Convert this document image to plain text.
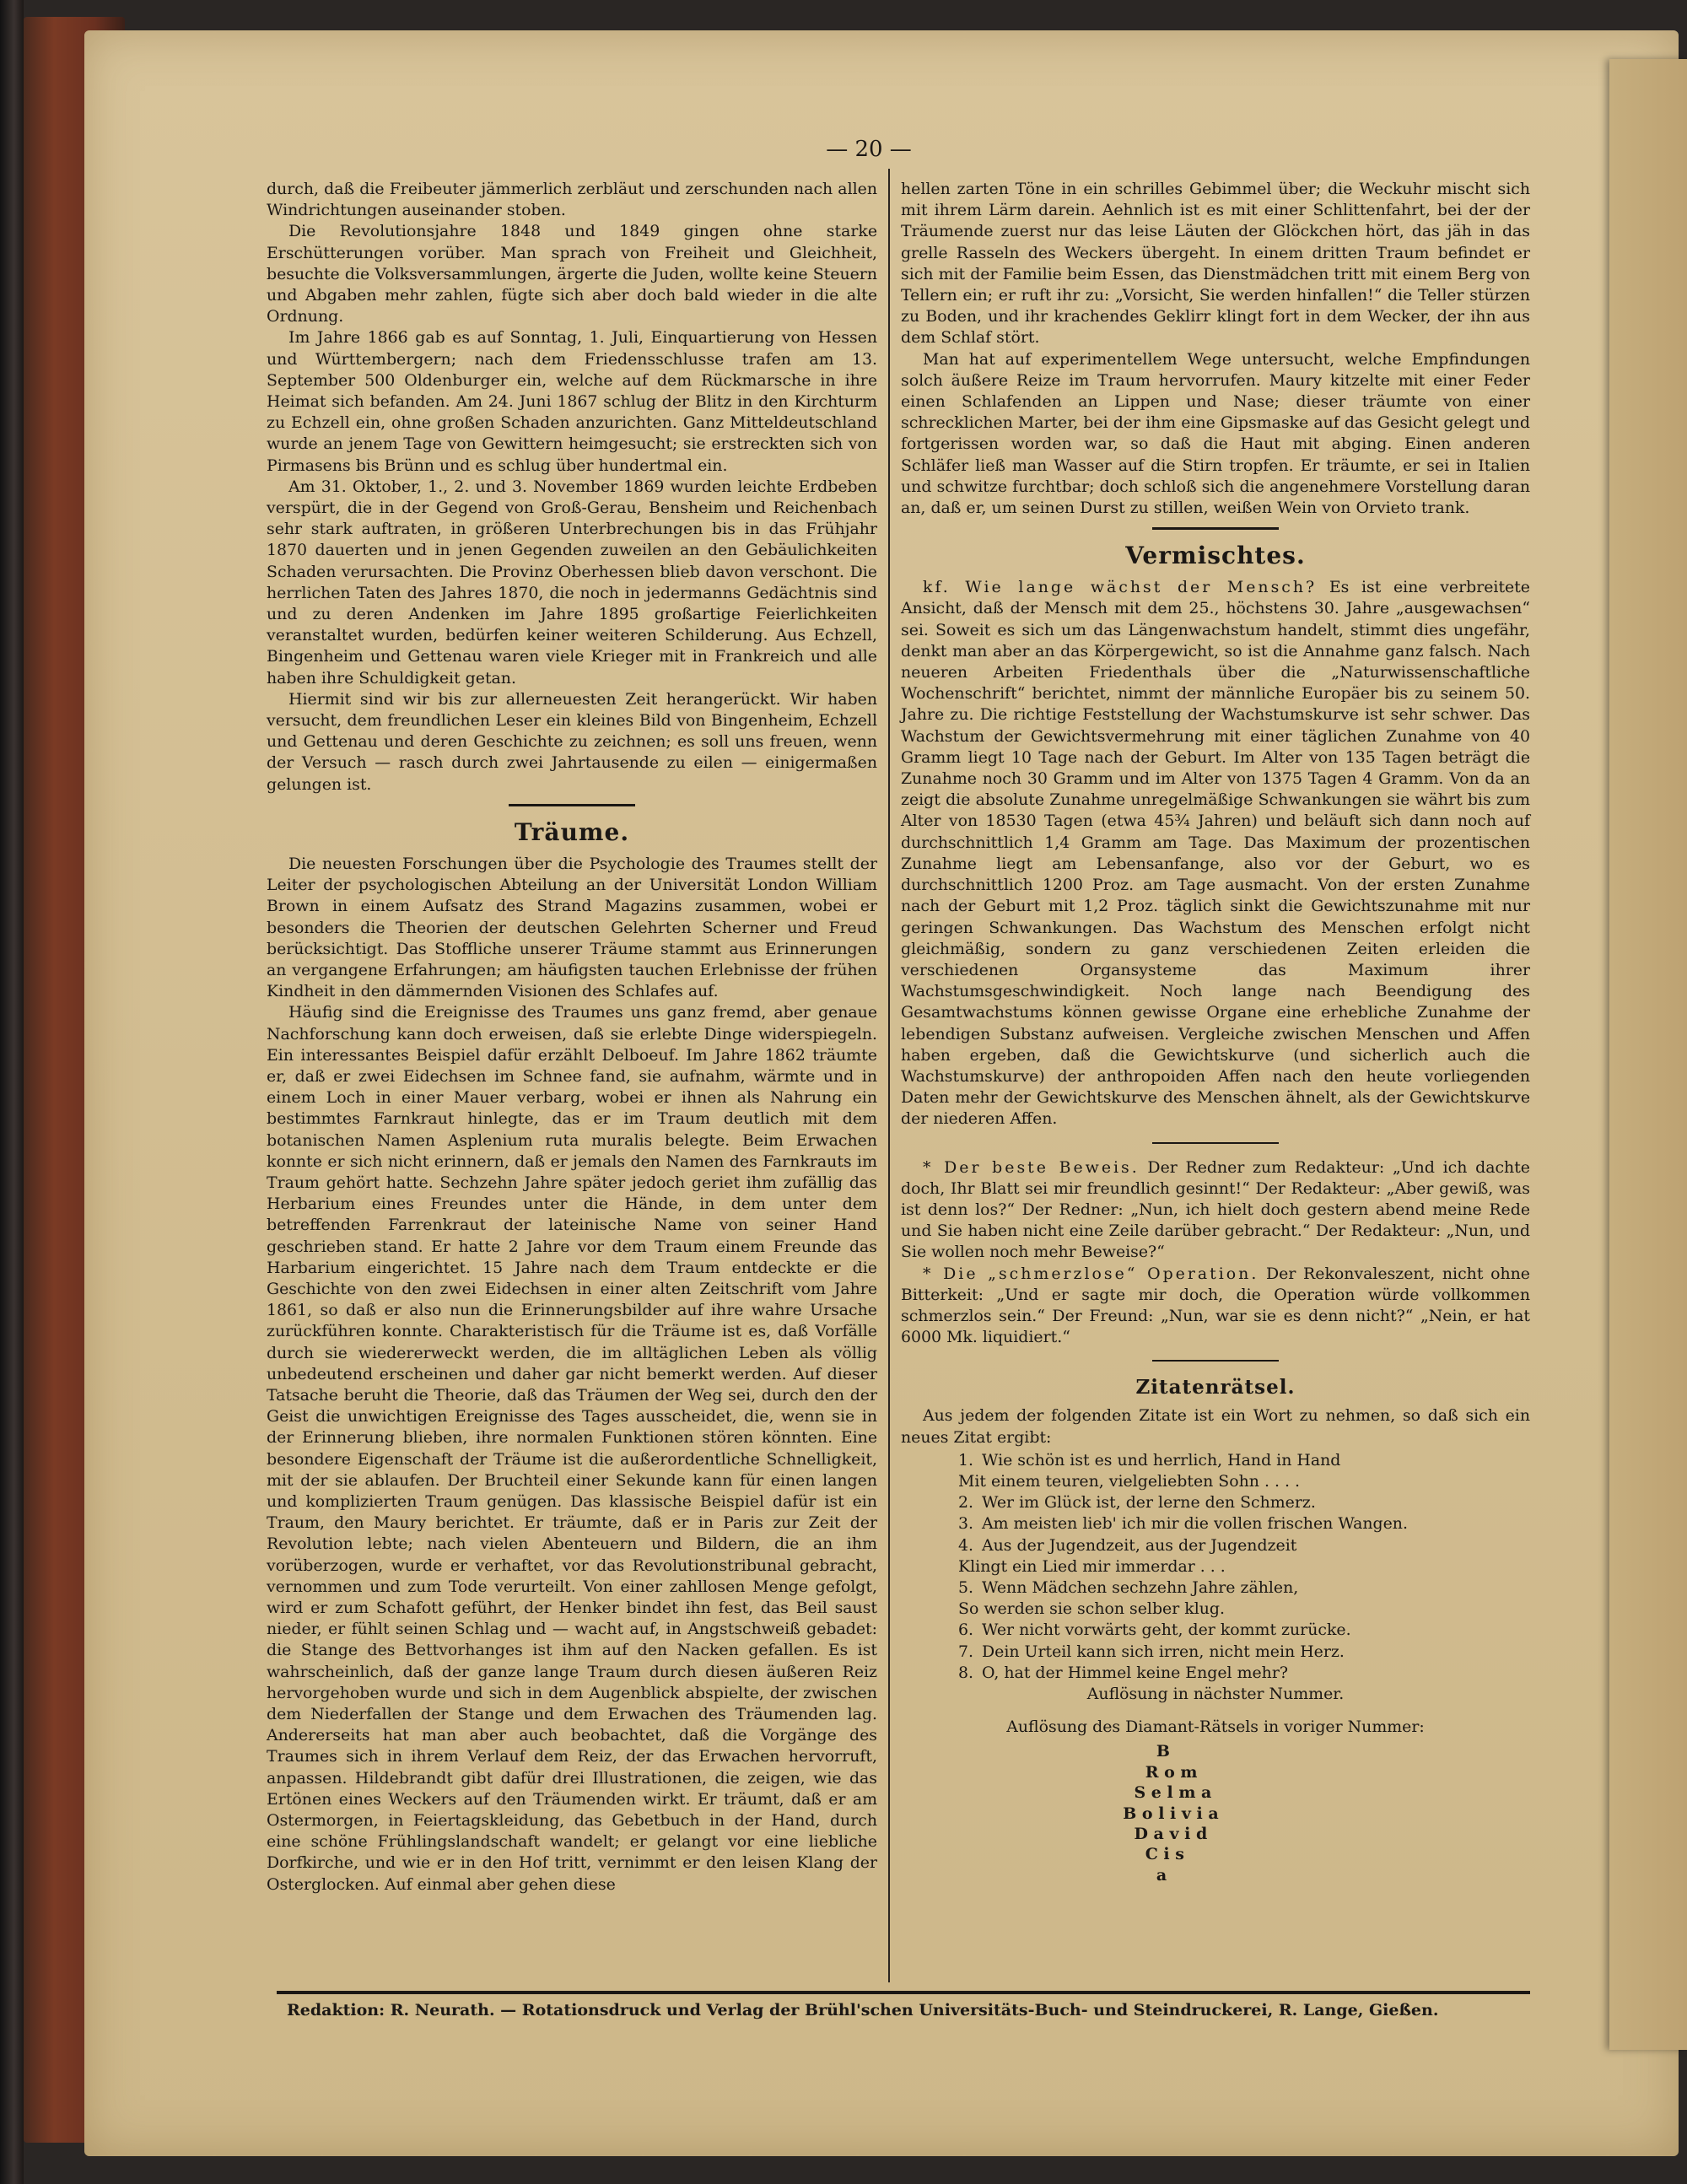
— 20 —

durch, daß die Freibeuter jämmerlich zerbläut und zerschunden nach allen Windrichtungen auseinander stoben.

Die Revolutionsjahre 1848 und 1849 gingen ohne starke Erschütterungen vorüber. Man sprach von Freiheit und Gleichheit, besuchte die Volksversammlungen, ärgerte die Juden, wollte keine Steuern und Abgaben mehr zahlen, fügte sich aber doch bald wieder in die alte Ordnung.

Im Jahre 1866 gab es auf Sonntag, 1. Juli, Einquartierung von Hessen und Württembergern; nach dem Friedensschlusse trafen am 13. September 500 Oldenburger ein, welche auf dem Rückmarsche in ihre Heimat sich befanden. Am 24. Juni 1867 schlug der Blitz in den Kirchturm zu Echzell ein, ohne großen Schaden anzurichten. Ganz Mitteldeutschland wurde an jenem Tage von Gewittern heimgesucht; sie erstreckten sich von Pirmasens bis Brünn und es schlug über hundertmal ein.

Am 31. Oktober, 1., 2. und 3. November 1869 wurden leichte Erdbeben verspürt, die in der Gegend von Groß-Gerau, Bensheim und Reichenbach sehr stark auftraten, in größeren Unterbrechungen bis in das Frühjahr 1870 dauerten und in jenen Gegenden zuweilen an den Gebäulichkeiten Schaden verursachten. Die Provinz Oberhessen blieb davon verschont. Die herrlichen Taten des Jahres 1870, die noch in jedermanns Gedächtnis sind und zu deren Andenken im Jahre 1895 großartige Feierlichkeiten veranstaltet wurden, bedürfen keiner weiteren Schilderung. Aus Echzell, Bingenheim und Gettenau waren viele Krieger mit in Frankreich und alle haben ihre Schuldigkeit getan.

Hiermit sind wir bis zur allerneuesten Zeit herangerückt. Wir haben versucht, dem freundlichen Leser ein kleines Bild von Bingenheim, Echzell und Gettenau und deren Geschichte zu zeichnen; es soll uns freuen, wenn der Versuch — rasch durch zwei Jahrtausende zu eilen — einigermaßen gelungen ist.

Träume.

Die neuesten Forschungen über die Psychologie des Traumes stellt der Leiter der psychologischen Abteilung an der Universität London William Brown in einem Aufsatz des Strand Magazins zusammen, wobei er besonders die Theorien der deutschen Gelehrten Scherner und Freud berücksichtigt. Das Stoffliche unserer Träume stammt aus Erinnerungen an vergangene Erfahrungen; am häufigsten tauchen Erlebnisse der frühen Kindheit in den dämmernden Visionen des Schlafes auf.

Häufig sind die Ereignisse des Traumes uns ganz fremd, aber genaue Nachforschung kann doch erweisen, daß sie erlebte Dinge widerspiegeln. Ein interessantes Beispiel dafür erzählt Delboeuf. Im Jahre 1862 träumte er, daß er zwei Eidechsen im Schnee fand, sie aufnahm, wärmte und in einem Loch in einer Mauer verbarg, wobei er ihnen als Nahrung ein bestimmtes Farnkraut hinlegte, das er im Traum deutlich mit dem botanischen Namen Asplenium ruta muralis belegte. Beim Erwachen konnte er sich nicht erinnern, daß er jemals den Namen des Farnkrauts im Traum gehört hatte. Sechzehn Jahre später jedoch geriet ihm zufällig das Herbarium eines Freundes unter die Hände, in dem unter dem betreffenden Farrenkraut der lateinische Name von seiner Hand geschrieben stand. Er hatte 2 Jahre vor dem Traum einem Freunde das Harbarium eingerichtet. 15 Jahre nach dem Traum entdeckte er die Geschichte von den zwei Eidechsen in einer alten Zeitschrift vom Jahre 1861, so daß er also nun die Erinnerungsbilder auf ihre wahre Ursache zurückführen konnte. Charakteristisch für die Träume ist es, daß Vorfälle durch sie wiedererweckt werden, die im alltäglichen Leben als völlig unbedeutend erscheinen und daher gar nicht bemerkt werden. Auf dieser Tatsache beruht die Theorie, daß das Träumen der Weg sei, durch den der Geist die unwichtigen Ereignisse des Tages ausscheidet, die, wenn sie in der Erinnerung blieben, ihre normalen Funktionen stören könnten. Eine besondere Eigenschaft der Träume ist die außerordentliche Schnelligkeit, mit der sie ablaufen. Der Bruchteil einer Sekunde kann für einen langen und komplizierten Traum genügen. Das klassische Beispiel dafür ist ein Traum, den Maury berichtet. Er träumte, daß er in Paris zur Zeit der Revolution lebte; nach vielen Abenteuern und Bildern, die an ihm vorüberzogen, wurde er verhaftet, vor das Revolutionstribunal gebracht, vernommen und zum Tode verurteilt. Von einer zahllosen Menge gefolgt, wird er zum Schafott geführt, der Henker bindet ihn fest, das Beil saust nieder, er fühlt seinen Schlag und — wacht auf, in Angstschweiß gebadet: die Stange des Bettvorhanges ist ihm auf den Nacken gefallen. Es ist wahrscheinlich, daß der ganze lange Traum durch diesen äußeren Reiz hervorgehoben wurde und sich in dem Augenblick abspielte, der zwischen dem Niederfallen der Stange und dem Erwachen des Träumenden lag. Andererseits hat man aber auch beobachtet, daß die Vorgänge des Traumes sich in ihrem Verlauf dem Reiz, der das Erwachen hervorruft, anpassen. Hildebrandt gibt dafür drei Illustrationen, die zeigen, wie das Ertönen eines Weckers auf den Träumenden wirkt. Er träumt, daß er am Ostermorgen, in Feiertagskleidung, das Gebetbuch in der Hand, durch eine schöne Frühlingslandschaft wandelt; er gelangt vor eine liebliche Dorfkirche, und wie er in den Hof tritt, vernimmt er den leisen Klang der Osterglocken. Auf einmal aber gehen diese

hellen zarten Töne in ein schrilles Gebimmel über; die Weckuhr mischt sich mit ihrem Lärm darein. Aehnlich ist es mit einer Schlittenfahrt, bei der der Träumende zuerst nur das leise Läuten der Glöckchen hört, das jäh in das grelle Rasseln des Weckers übergeht. In einem dritten Traum befindet er sich mit der Familie beim Essen, das Dienstmädchen tritt mit einem Berg von Tellern ein; er ruft ihr zu: „Vorsicht, Sie werden hinfallen!“ die Teller stürzen zu Boden, und ihr krachendes Geklirr klingt fort in dem Wecker, der ihn aus dem Schlaf stört.

Man hat auf experimentellem Wege untersucht, welche Empfindungen solch äußere Reize im Traum hervorrufen. Maury kitzelte mit einer Feder einen Schlafenden an Lippen und Nase; dieser träumte von einer schrecklichen Marter, bei der ihm eine Gipsmaske auf das Gesicht gelegt und fortgerissen worden war, so daß die Haut mit abging. Einen anderen Schläfer ließ man Wasser auf die Stirn tropfen. Er träumte, er sei in Italien und schwitze furchtbar; doch schloß sich die angenehmere Vorstellung daran an, daß er, um seinen Durst zu stillen, weißen Wein von Orvieto trank.

Vermischtes.

kf. Wie lange wächst der Mensch? Es ist eine verbreitete Ansicht, daß der Mensch mit dem 25., höchstens 30. Jahre „ausgewachsen“ sei. Soweit es sich um das Längenwachstum handelt, stimmt dies ungefähr, denkt man aber an das Körpergewicht, so ist die Annahme ganz falsch. Nach neueren Arbeiten Friedenthals über die „Naturwissenschaftliche Wochenschrift“ berichtet, nimmt der männliche Europäer bis zu seinem 50. Jahre zu. Die richtige Feststellung der Wachstumskurve ist sehr schwer. Das Wachstum der Gewichtsvermehrung mit einer täglichen Zunahme von 40 Gramm liegt 10 Tage nach der Geburt. Im Alter von 135 Tagen beträgt die Zunahme noch 30 Gramm und im Alter von 1375 Tagen 4 Gramm. Von da an zeigt die absolute Zunahme unregelmäßige Schwankungen sie währt bis zum Alter von 18530 Tagen (etwa 45¾ Jahren) und beläuft sich dann noch auf durchschnittlich 1,4 Gramm am Tage. Das Maximum der prozentischen Zunahme liegt am Lebensanfange, also vor der Geburt, wo es durchschnittlich 1200 Proz. am Tage ausmacht. Von der ersten Zunahme nach der Geburt mit 1,2 Proz. täglich sinkt die Gewichtszunahme mit nur geringen Schwankungen. Das Wachstum des Menschen erfolgt nicht gleichmäßig, sondern zu ganz verschiedenen Zeiten erleiden die verschiedenen Organsysteme das Maximum ihrer Wachstumsgeschwindigkeit. Noch lange nach Beendigung des Gesamtwachstums können gewisse Organe eine erhebliche Zunahme der lebendigen Substanz aufweisen. Vergleiche zwischen Menschen und Affen haben ergeben, daß die Gewichtskurve (und sicherlich auch die Wachstumskurve) der anthropoiden Affen nach den heute vorliegenden Daten mehr der Gewichtskurve des Menschen ähnelt, als der Gewichtskurve der niederen Affen.

* Der beste Beweis. Der Redner zum Redakteur: „Und ich dachte doch, Ihr Blatt sei mir freundlich gesinnt!“ Der Redakteur: „Aber gewiß, was ist denn los?“ Der Redner: „Nun, ich hielt doch gestern abend meine Rede und Sie haben nicht eine Zeile darüber gebracht.“ Der Redakteur: „Nun, und Sie wollen noch mehr Beweise?“

* Die „schmerzlose“ Operation. Der Rekonvaleszent, nicht ohne Bitterkeit: „Und er sagte mir doch, die Operation würde vollkommen schmerzlos sein.“ Der Freund: „Nun, war sie es denn nicht?“ „Nein, er hat 6000 Mk. liquidiert.“

Zitatenrätsel.

Aus jedem der folgenden Zitate ist ein Wort zu nehmen, so daß sich ein neues Zitat ergibt:

1. Wie schön ist es und herrlich, Hand in Hand
Mit einem teuren, vielgeliebten Sohn . . . .
2. Wer im Glück ist, der lerne den Schmerz.
3. Am meisten lieb' ich mir die vollen frischen Wangen.
4. Aus der Jugendzeit, aus der Jugendzeit
Klingt ein Lied mir immerdar . . .
5. Wenn Mädchen sechzehn Jahre zählen,
So werden sie schon selber klug.
6. Wer nicht vorwärts geht, der kommt zurücke.
7. Dein Urteil kann sich irren, nicht mein Herz.
8. O, hat der Himmel keine Engel mehr?
Auflösung in nächster Nummer.
Auflösung des Diamant-Rätsels in voriger Nummer:
B
R o m
S e l m a
B o l i v i a
D a v i d
C i s
a
Redaktion: R. Neurath. — Rotationsdruck und Verlag der Brühl'schen Universitäts-Buch- und Steindruckerei, R. Lange, Gießen.
